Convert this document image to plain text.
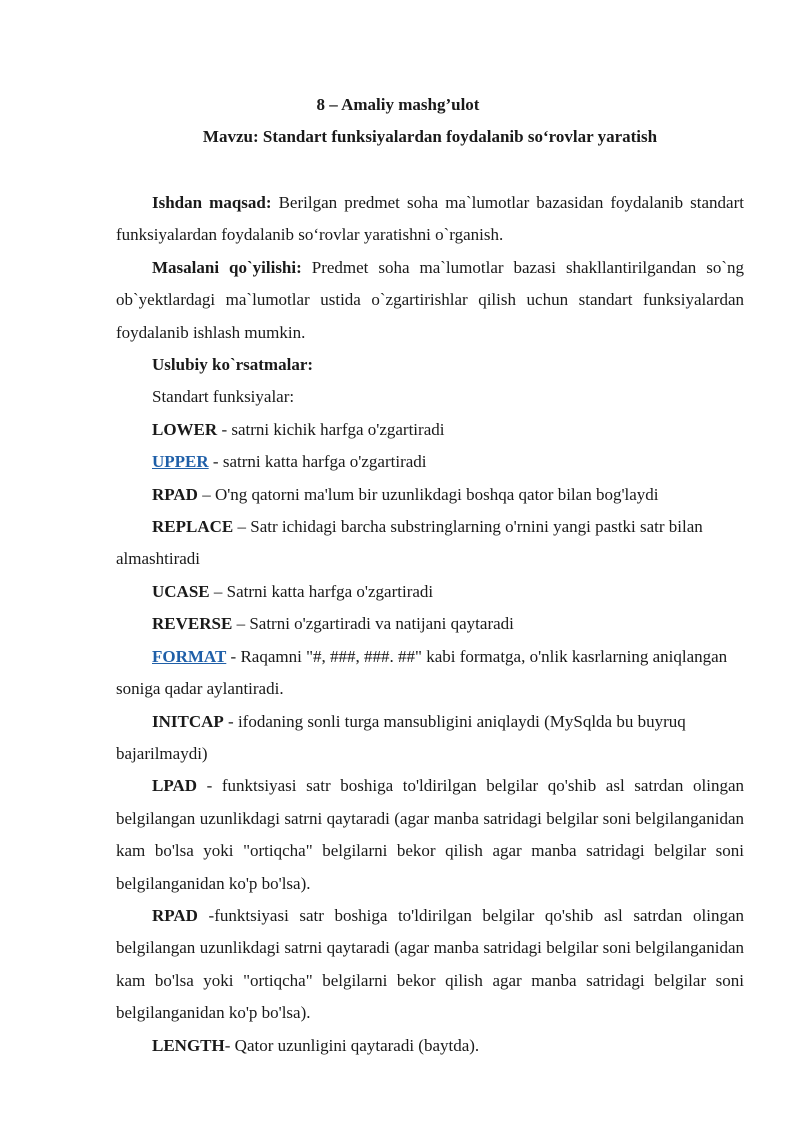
8 – Amaliy mashg’ulot
Mavzu: Standart funksiyalardan foydalanib so‘rovlar yaratish

Ishdan maqsad: Berilgan predmet soha ma`lumotlar bazasidan foydalanib standart funksiyalardan foydalanib so‘rovlar yaratishni o`rganish.

Masalani qo`yilishi: Predmet soha ma`lumotlar bazasi shakllantirilgandan so`ng ob`yektlardagi ma`lumotlar ustida o`zgartirishlar qilish uchun standart funksiyalardan foydalanib ishlash mumkin.

Uslubiy ko`rsatmalar:

Standart funksiyalar:

LOWER - satrni kichik harfga o'zgartiradi

UPPER - satrni katta harfga o'zgartiradi

RPAD – O'ng qatorni ma'lum bir uzunlikdagi boshqa qator bilan bog'laydi

REPLACE – Satr ichidagi barcha substringlarning o'rnini yangi pastki satr bilan almashtiradi

UCASE – Satrni katta harfga o'zgartiradi

REVERSE – Satrni o'zgartiradi va natijani qaytaradi

FORMAT - Raqamni "#, ###, ###. ##" kabi formatga, o'nlik kasrlarning aniqlangan soniga qadar aylantiradi.

INITCAP - ifodaning sonli turga mansubligini aniqlaydi (MySqlda bu buyruq bajarilmaydi)

LPAD - funktsiyasi satr boshiga to'ldirilgan belgilar qo'shib asl satrdan olingan belgilangan uzunlikdagi satrni qaytaradi (agar manba satridagi belgilar soni belgilanganidan kam bo'lsa yoki "ortiqcha" belgilarni bekor qilish agar manba satridagi belgilar soni belgilanganidan ko'p bo'lsa).

RPAD -funktsiyasi satr boshiga to'ldirilgan belgilar qo'shib asl satrdan olingan belgilangan uzunlikdagi satrni qaytaradi (agar manba satridagi belgilar soni belgilanganidan kam bo'lsa yoki "ortiqcha" belgilarni bekor qilish agar manba satridagi belgilar soni belgilanganidan ko'p bo'lsa).

LENGTH- Qator uzunligini qaytaradi (baytda).
